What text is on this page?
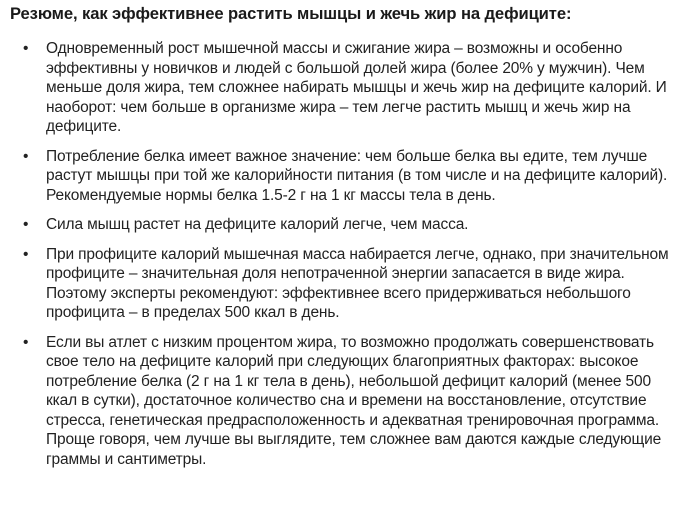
Резюме, как эффективнее растить мышцы и жечь жир на дефиците:
• Одновременный рост мышечной массы и сжигание жира – возможны и особенно эффективны у новичков и людей с большой долей жира (более 20% у мужчин). Чем меньше доля жира, тем сложнее набирать мышцы и жечь жир на дефиците калорий. И наоборот: чем больше в организме жира – тем легче растить мышц и жечь жир на дефиците.
• Потребление белка имеет важное значение: чем больше белка вы едите, тем лучше растут мышцы при той же калорийности питания (в том числе и на дефиците калорий). Рекомендуемые нормы белка 1.5-2 г на 1 кг массы тела в день.
• Сила мышц растет на дефиците калорий легче, чем масса.
• При профиците калорий мышечная масса набирается легче, однако, при значительном профиците – значительная доля непотраченной энергии запасается в виде жира. Поэтому эксперты рекомендуют: эффективнее всего придерживаться небольшого профицита – в пределах 500 ккал в день.
• Если вы атлет с низким процентом жира, то возможно продолжать совершенствовать свое тело на дефиците калорий при следующих благоприятных факторах: высокое потребление белка (2 г на 1 кг тела в день), небольшой дефицит калорий (менее 500 ккал в сутки), достаточное количество сна и времени на восстановление, отсутствие стресса, генетическая предрасположенность и адекватная тренировочная программа. Проще говоря, чем лучше вы выглядите, тем сложнее вам даются каждые следующие граммы и сантиметры.
